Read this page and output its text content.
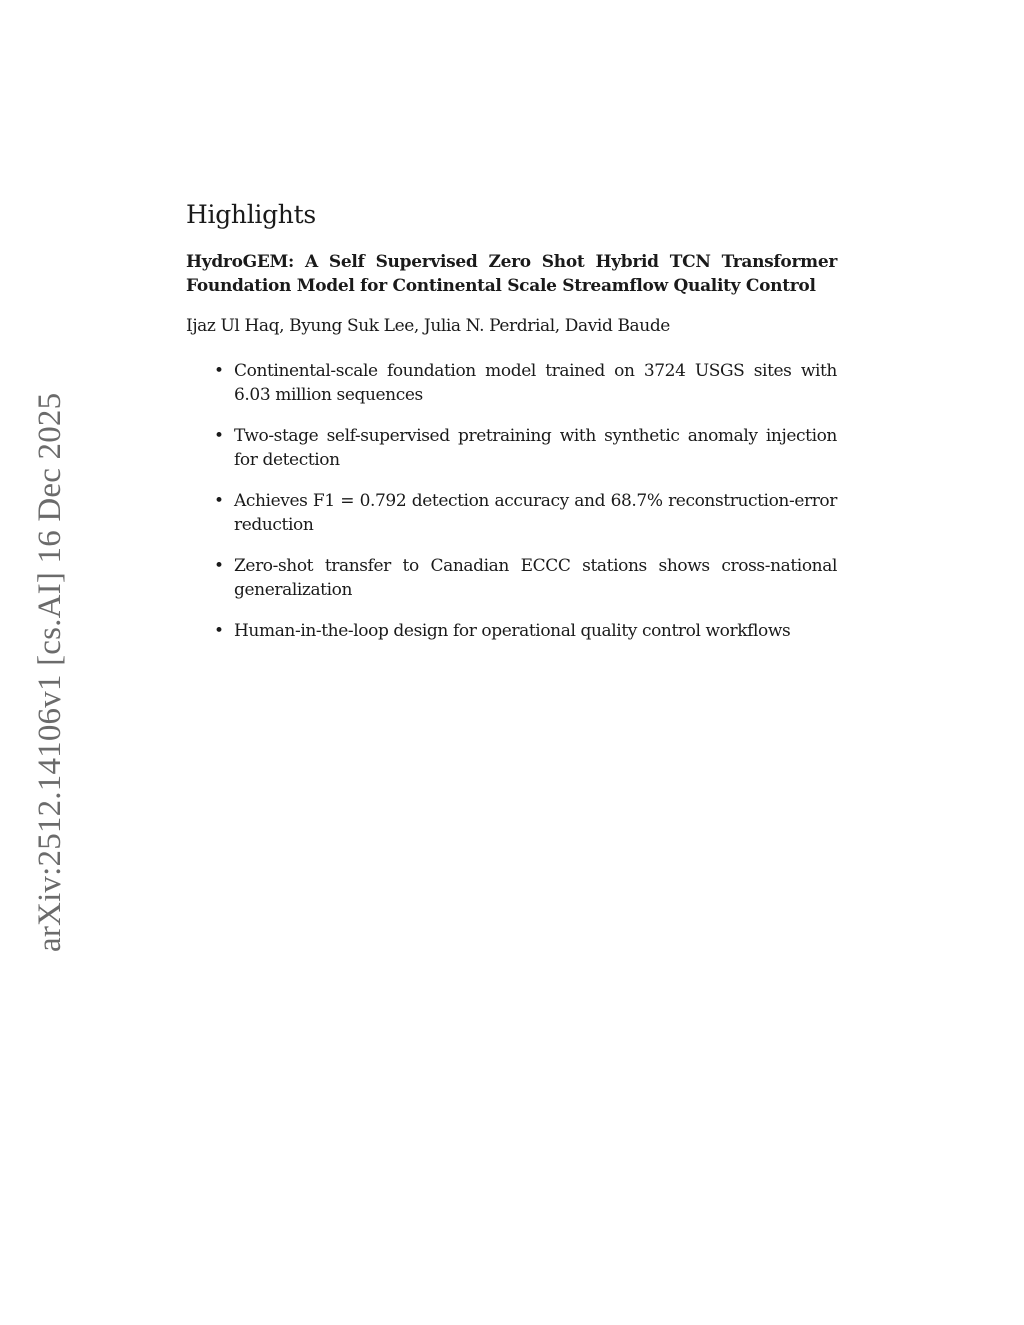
arXiv:2512.14106v1 [cs.AI] 16 Dec 2025
Highlights
HydroGEM: A Self Supervised Zero Shot Hybrid TCN Transformer Foundation Model for Continental Scale Streamflow Quality Control
Ijaz Ul Haq, Byung Suk Lee, Julia N. Perdrial, David Baude
• Continental-scale foundation model trained on 3724 USGS sites with 6.03 million sequences
• Two-stage self-supervised pretraining with synthetic anomaly injection for detection
• Achieves F1 = 0.792 detection accuracy and 68.7% reconstruction-error reduction
• Zero-shot transfer to Canadian ECCC stations shows cross-national generalization
• Human-in-the-loop design for operational quality control workflows
